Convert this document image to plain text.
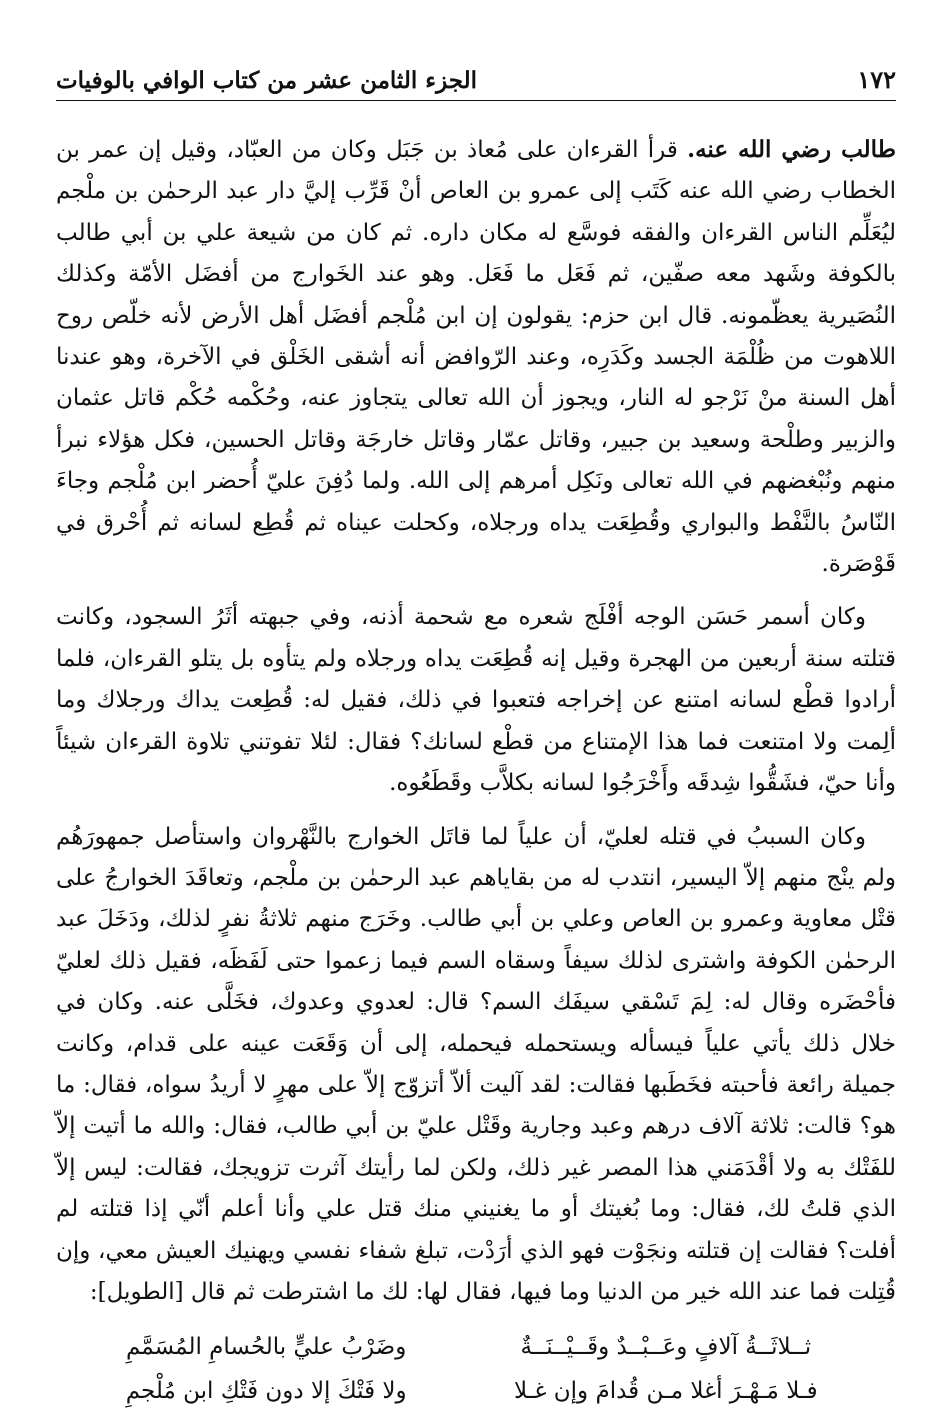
١٧٢
الجزء الثامن عشر من كتاب الوافي بالوفيات

طالب رضي الله عنه. قرأ القرءان على مُعاذ بن جَبَل وكان من العبّاد، وقيل إن عمر بن الخطاب رضي الله عنه كَتَب إلى عمرو بن العاص أنْ قَرِّب إليَّ دار عبد الرحمٰن بن ملْجم ليُعَلِّم الناس القرءان والفقه فوسَّع له مكان داره. ثم كان من شيعة علي بن أبي طالب بالكوفة وشَهد معه صفّين، ثم فَعَل ما فَعَل. وهو عند الخَوارج من أفضَل الأمّة وكذلك النُصَيرية يعظّمونه. قال ابن حزم: يقولون إن ابن مُلْجم أفضَل أهل الأرض لأنه خلّص روح اللاهوت من ظُلْمَة الجسد وكَدَرِه، وعند الرّوافض أنه أشقى الخَلْق في الآخرة، وهو عندنا أهل السنة منْ نَرْجو له النار، ويجوز أن الله تعالى يتجاوز عنه، وحُكْمه حُكْم قاتل عثمان والزبير وطلْحة وسعيد بن جبير، وقاتل عمّار وقاتل خارجَة وقاتل الحسين، فكل هؤلاء نبرأ منهم ونُبْغضهم في الله تعالى ونَكِل أمرهم إلى الله. ولما دُفِنَ عليّ أُحضر ابن مُلْجم وجاءَ النّاسُ بالنَّفْط والبواري وقُطِعَت يداه ورجلاه، وكحلت عيناه ثم قُطِع لسانه ثم أُحْرق في قَوْصَرة.

وكان أسمر حَسَن الوجه أفْلَج شعره مع شحمة أذنه، وفي جبهته أثَرُ السجود، وكانت قتلته سنة أربعين من الهجرة وقيل إنه قُطِعَت يداه ورجلاه ولم يتأوه بل يتلو القرءان، فلما أرادوا قطْع لسانه امتنع عن إخراجه فتعبوا في ذلك، فقيل له: قُطِعت يداك ورجلاك وما ألِمت ولا امتنعت فما هذا الإمتناع من قطْع لسانك؟ فقال: لئلا تفوتني تلاوة القرءان شيئاً وأنا حيّ، فشَقُّوا شِدقَه وأَخْرَجُوا لسانه بكلاَّب وقَطَعُوه.

وكان السببُ في قتله لعليّ، أن علياً لما قاتَل الخوارج بالنَّهْروان واستأصل جمهورَهُم ولم ينْج منهم إلاّ اليسير، انتدب له من بقاياهم عبد الرحمٰن بن ملْجم، وتعاقَدَ الخوارجُ على قتْل معاوية وعمرو بن العاص وعلي بن أبي طالب. وخَرَج منهم ثلاثةُ نفرٍ لذلك، ودَخَلَ عبد الرحمٰن الكوفة واشترى لذلك سيفاً وسقاه السم فيما زعموا حتى لَفَظَه، فقيل ذلك لعليّ فأحْضَره وقال له: لِمَ تَسْقي سيفَك السم؟ قال: لعدوي وعدوك، فخَلَّى عنه. وكان في خلال ذلك يأتي علياً فيسأله ويستحمله فيحمله، إلى أن وَقَعَت عينه على قدام، وكانت جميلة رائعة فأحبته فخَطَبها فقالت: لقد آليت ألاّ أتزوّج إلاّ على مهرٍ لا أريدُ سواه، فقال: ما هو؟ قالت: ثلاثة آلاف درهم وعبد وجارية وقَتْل عليّ بن أبي طالب، فقال: والله ما أتيت إلاّ للفَتْك به ولا أقْدَمَني هذا المصر غير ذلك، ولكن لما رأيتك آثرت تزويجك، فقالت: ليس إلاّ الذي قلتُ لك، فقال: وما بُغيتك أو ما يغنيني منك قتل علي وأنا أعلم أنّي إذا قتلته لم أفلت؟ فقالت إن قتلته ونجَوْت فهو الذي أرَدْت، تبلغ شفاء نفسي ويهنيك العيش معي، وإن قُتِلت فما عند الله خير من الدنيا وما فيها، فقال لها: لك ما اشترطت ثم قال [الطويل]:

ثــلاثَــةُ آلافٍ وعَــبْــدٌ وقَــيْــنَــةٌ
وضَرْبُ عليٍّ بالحُسامِ المُسَمَّمِ
فـلا مَـهْـرَ أغلا مـن قُدامَ وإن غـلا
ولا فَتْكَ إلا دون فَتْكِ ابن مُلْجمِ
